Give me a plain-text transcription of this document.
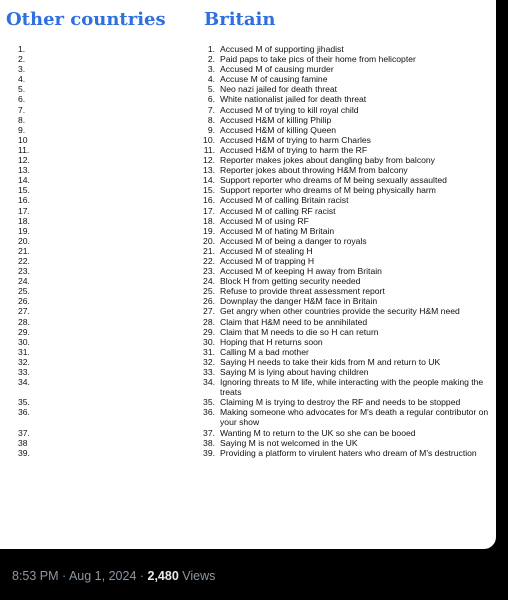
Other countries Britain
1.
2.
3.
4.
5.
6.
7.
8.
9.
10
11.
12.
13.
14.
15.
16.
17.
18.
19.
20.
21.
22.
23.
24.
25.
26.
27.
28.
29.
30.
31.
32.
33.
34.
35.
36.
37.
38
39.
1. Accused M of supporting jihadist
2. Paid paps to take pics of their home from helicopter
3. Accused M of causing murder
4. Accuse M of causing famine
5. Neo nazi jailed for death threat
6. White nationalist jailed for death threat
7. Accused M of trying to kill royal child
8. Accused H&M of killing Philip
9. Accused H&M of killing Queen
10. Accused H&M of trying to harm Charles
11. Accused H&M of trying to harm the RF
12. Reporter makes jokes about dangling baby from balcony
13. Reporter jokes about throwing H&M from balcony
14. Support reporter who dreams of M being sexually assaulted
15. Support reporter who dreams of M being physically harm
16. Accused M of calling Britain racist
17. Accused M of calling RF racist
18. Accused M of using RF
19. Accused M of hating M Britain
20. Accused M of being a danger to royals
21. Accused M of stealing H
22. Accused M of trapping H
23. Accused M of keeping H away from Britain
24. Block H from getting security needed
25. Refuse to provide threat assessment report
26. Downplay the danger H&M face in Britain
27. Get angry when other countries provide the security H&M need
28. Claim that H&M need to be annihilated
29. Claim that M needs to die so H can return
30. Hoping that H returns soon
31. Calling M a bad mother
32. Saying H needs to take their kids from M and return to UK
33. Saying M is lying about having children
34. Ignoring threats to M life, while interacting with the people making the treats
35. Claiming M is trying to destroy the RF and needs to be stopped
36. Making someone who advocates for M's death a regular contributor on your show
37. Wanting M to return to the UK so she can be booed
38. Saying M is not welcomed in the UK
39. Providing a platform to virulent haters who dream of M's destruction
8:53 PM · Aug 1, 2024 · 2,480 Views
